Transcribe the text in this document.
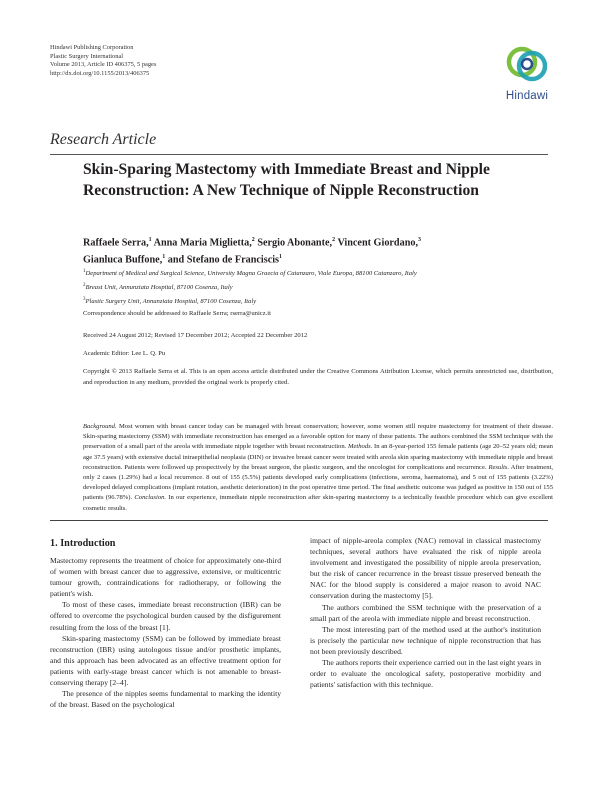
Hindawi Publishing Corporation
Plastic Surgery International
Volume 2013, Article ID 406375, 5 pages
http://dx.doi.org/10.1155/2013/406375
Hindawi
Research Article
Skin-Sparing Mastectomy with Immediate Breast and Nipple Reconstruction: A New Technique of Nipple Reconstruction

Raffaele Serra,$^1$ Anna Maria Miglietta,$^2$ Sergio Abonante,$^2$ Vincent Giordano,$^3$
Gianluca Buffone,$^1$ and Stefano de Franciscis$^1$

$^1$Department of Medical and Surgical Science, University Magna Graecia of Catanzaro, Viale Europa, 88100 Catanzaro, Italy
$^2$Breast Unit, Annunziata Hospital, 87100 Cosenza, Italy
$^3$Plastic Surgery Unit, Annunziata Hospital, 87100 Cosenza, Italy
Correspondence should be addressed to Raffaele Serra; rserra@unicz.it
Received 24 August 2012; Revised 17 December 2012; Accepted 22 December 2012
Academic Editor: Lee L. Q. Pu
Copyright © 2013 Raffaele Serra et al. This is an open access article distributed under the Creative Commons Attribution License, which permits unrestricted use, distribution, and reproduction in any medium, provided the original work is properly cited.

Background. Most women with breast cancer today can be managed with breast conservation; however, some women still require mastectomy for treatment of their disease. Skin-sparing mastectomy (SSM) with immediate reconstruction has emerged as a favorable option for many of these patients. The authors combined the SSM technique with the preservation of a small part of the areola with immediate nipple together with breast reconstruction. Methods. In an 8-year-period 155 female patients (age 20–52 years old; mean age 37.5 years) with extensive ductal intraepithelial neoplasia (DIN) or invasive breast cancer were treated with areola skin sparing mastectomy with immediate nipple and breast reconstruction. Patients were followed up prospectively by the breast surgeon, the plastic surgeon, and the oncologist for complications and recurrence. Results. After treatment, only 2 cases (1.29%) had a local recurrence. 8 out of 155 (5.5%) patients developed early complications (infections, seroma, haematoma), and 5 out of 155 patients (3.22%) developed delayed complications (implant rotation, aesthetic deterioration) in the post operative time period. The final aesthetic outcome was judged as positive in 150 out of 155 patients (96.78%). Conclusion. In our experience, immediate nipple reconstruction after skin-sparing mastectomy is a technically feasible procedure which can give excellent cosmetic results.

1. Introduction

Mastectomy represents the treatment of choice for approximately one-third of women with breast cancer due to aggressive, extensive, or multicentric tumour growth, contraindications for radiotherapy, or following the patient's wish.

To most of these cases, immediate breast reconstruction (IBR) can be offered to overcome the psychological burden caused by the disfigurement resulting from the loss of the breast [1].

Skin-sparing mastectomy (SSM) can be followed by immediate breast reconstruction (IBR) using autologous tissue and/or prosthetic implants, and this approach has been advocated as an effective treatment option for patients with early-stage breast cancer which is not amenable to breast-conserving therapy [2–4].

The presence of the nipples seems fundamental to marking the identity of the breast. Based on the psychological

impact of nipple-areola complex (NAC) removal in classical mastectomy techniques, several authors have evaluated the risk of nipple areola involvement and investigated the possibility of nipple areola preservation, but the risk of cancer recurrence in the breast tissue preserved beneath the NAC for the blood supply is considered a major reason to avoid NAC conservation during the mastectomy [5].

The authors combined the SSM technique with the preservation of a small part of the areola with immediate nipple and breast reconstruction.

The most interesting part of the method used at the author's institution is precisely the particular new technique of nipple reconstruction that has not been previously described.

The authors reports their experience carried out in the last eight years in order to evaluate the oncological safety, postoperative morbidity and patients' satisfaction with this technique.
